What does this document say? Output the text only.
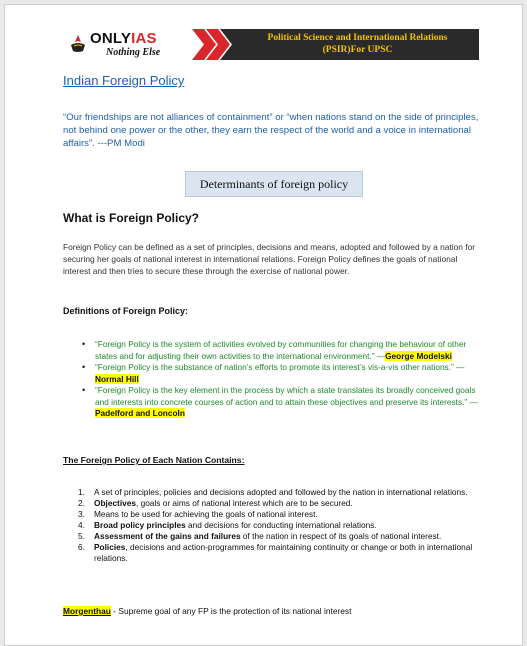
ONLYIAS
Nothing Else
Polіtical Science and International Relations
(PSIR)For UPSC
Indian Foreign Policy
“Our friendships are not alliances of containment” or “when nations stand on the side of principles, not behind one power or the other, they earn the respect of the world and a voice in international affairs”. ---PM Modi
Determinants of foreign policy
What is Foreign Policy?
Foreign Policy can be defined as a set of principles, decisions and means, adopted and followed by a nation for securing her goals of national interest in international relations. Foreign Policy defines the goals of national interest and then tries to secure these through the exercise of national power.
Definitions of Foreign Policy:
• “Foreign Policy is the system of activities evolved by communities for changing the behaviour of other states and for adjusting their own activities to the international environment.” —George Modelski
• “Foreign Policy is the substance of nation’s efforts to promote its interest’s vis-a-vis other nations.” —Normal Hill
• “Foreign Policy is the key element in the process by which a state translates its broadly conceived goals and interests into concrete courses of action and to attain these objectives and preserve its interests.” —Padelford and Loncoln
The Foreign Policy of Each Nation Contains:
1. A set of principles, policies and decisions adopted and followed by the nation in international relations.
2. Objectives, goals or aims of national interest which are to be secured.
3. Means to be used for achieving the goals of national interest.
4. Broad policy principles and decisions for conducting international relations.
5. Assessment of the gains and failures of the nation in respect of its goals of national interest.
6. Policies, decisions and action-programmes for maintaining continuity or change or both in international relations.
Morgenthau - Supreme goal of any FP is the protection of its national interest
